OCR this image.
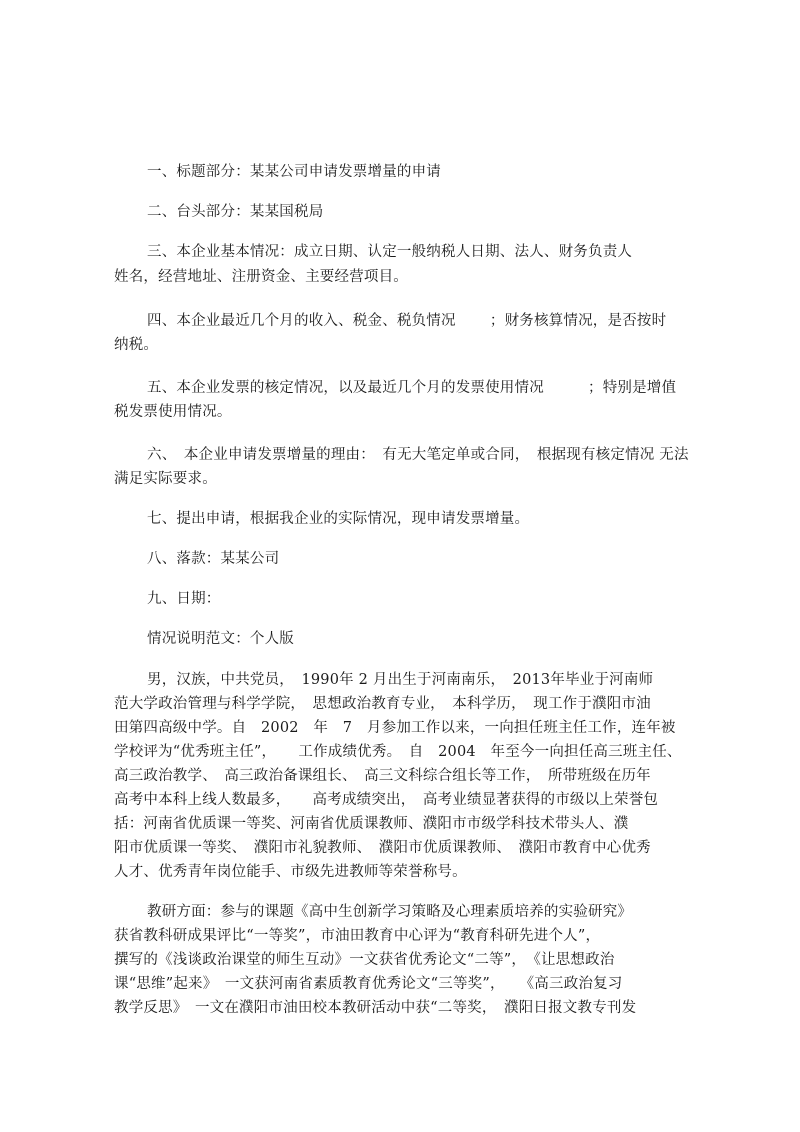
一、标题部分：某某公司申请发票增量的申请
二、台头部分：某某国税局
三、本企业基本情况：成立日期、认定一般纳税人日期、法人、财务负责人
姓名，经营地址、注册资金、主要经营项目。
四、本企业最近几个月的收入、税金、税负情况　　 ；财务核算情况，是否按时
纳税。
五、本企业发票的核定情况，以及最近几个月的发票使用情况　　　；特别是增值
税发票使用情况。
六、　本企业申请发票增量的理由：　有无大笔定单或合同，　根据现有核定情况 无法
满足实际要求。
七、提出申请，根据我企业的实际情况，现申请发票增量。
八、落款：某某公司
九、日期：
情况说明范文：个人版
男，汉族，中共党员，　1990年 2 月出生于河南南乐，　2013年毕业于河南师
范大学政治管理与科学学院，　思想政治教育专业，　本科学历，　现工作于濮阳市油
田第四高级中学。自　2002　年　7　月参加工作以来，一向担任班主任工作，连年被
学校评为“优秀班主任”，　　工作成绩优秀。　自　2004　年至今一向担任高三班主任、
高三政治教学、　高三政治备课组长、　高三文科综合组长等工作，　所带班级在历年
高考中本科上线人数最多，　　高考成绩突出，　高考业绩显著获得的市级以上荣誉包
括：河南省优质课一等奖、河南省优质课教师、濮阳市市级学科技术带头人、濮
阳市优质课一等奖、　濮阳市礼貌教师、　濮阳市优质课教师、　濮阳市教育中心优秀
人才、优秀青年岗位能手、市级先进教师等荣誉称号。
教研方面：参与的课题《高中生创新学习策略及心理素质培养的实验研究》
获省教科研成果评比“一等奖”，市油田教育中心评为“教育科研先进个人”，
撰写的《浅谈政治课堂的师生互动》一文获省优秀论文“二等”，　《让思想政治
课“思维”起来》　一文获河南省素质教育优秀论文“三等奖”，　　《高三政治复习
教学反思》　一文在濮阳市油田校本教研活动中获“二等奖，　濮阳日报文教专刊发
